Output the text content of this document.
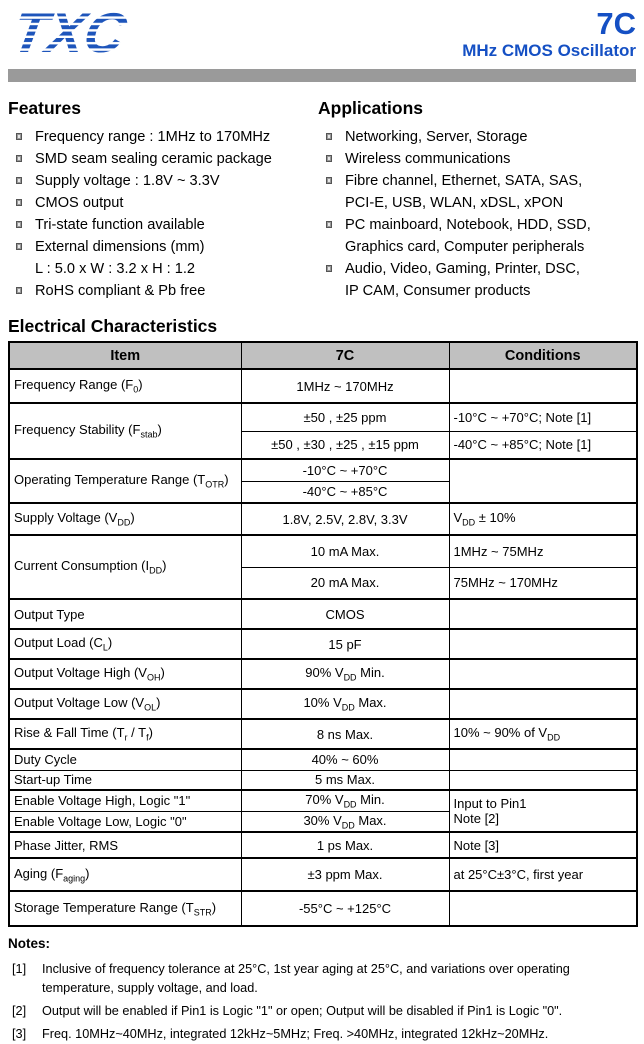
TXC	7C
MHz CMOS Oscillator
Features
Frequency range : 1MHz to 170MHz
SMD seam sealing ceramic package
Supply voltage : 1.8V ~ 3.3V
CMOS output
Tri-state function available
External dimensions (mm)
L : 5.0 x W : 3.2 x H : 1.2
RoHS compliant & Pb free
Applications
Networking, Server, Storage
Wireless communications
Fibre channel, Ethernet, SATA, SAS,
PCI-E, USB, WLAN, xDSL, xPON
PC mainboard, Notebook, HDD, SSD,
Graphics card, Computer peripherals
Audio, Video, Gaming, Printer, DSC,
IP CAM, Consumer products
Electrical Characteristics
Item	7C	Conditions
Frequency Range $(F_0)$	1MHz ~ 170MHz	
Frequency Stability $(F_{stab})$	±50 , ±25 ppm	-10°C ~ +70°C; Note [1]
	±50 , ±30 , ±25 , ±15 ppm	-40°C ~ +85°C; Note [1]
Operating Temperature Range $(T_{OTR})$	-10°C ~ +70°C	
	-40°C ~ +85°C	
Supply Voltage $(V_{DD})$	1.8V, 2.5V, 2.8V, 3.3V	$V_{DD} \pm 10\%$
Current Consumption $(I_{DD})$	10 mA Max.	1MHz ~ 75MHz
	20 mA Max.	75MHz ~ 170MHz
Output Type	CMOS	
Output Load $(C_L)$	15 pF	
Output Voltage High $(V_{OH})$	90% $V_{DD}$ Min.	
Output Voltage Low $(V_{OL})$	10% $V_{DD}$ Max.	
Rise & Fall Time $(T_r / T_f)$	8 ns Max.	10% ~ 90% of $V_{DD}$
Duty Cycle	40% ~ 60%	
Start-up Time	5 ms Max.	
Enable Voltage High, Logic "1"	70% $V_{DD}$ Min.	Input to Pin1
Note [2]
Enable Voltage Low, Logic "0"	30% $V_{DD}$ Max.	
Phase Jitter, RMS	1 ps Max.	Note [3]
Aging $(F_{aging})$	±3 ppm Max.	at 25°C±3°C, first year
Storage Temperature Range $(T_{STR})$	-55°C ~ +125°C	
Notes:
[1]	Inclusive of frequency tolerance at 25°C, 1st year aging at 25°C, and variations over operating temperature, supply voltage, and load.
[2]	Output will be enabled if Pin1 is Logic "1" or open; Output will be disabled if Pin1 is Logic "0".
[3]	Freq. 10MHz~40MHz, integrated 12kHz~5MHz; Freq. >40MHz, integrated 12kHz~20MHz.
